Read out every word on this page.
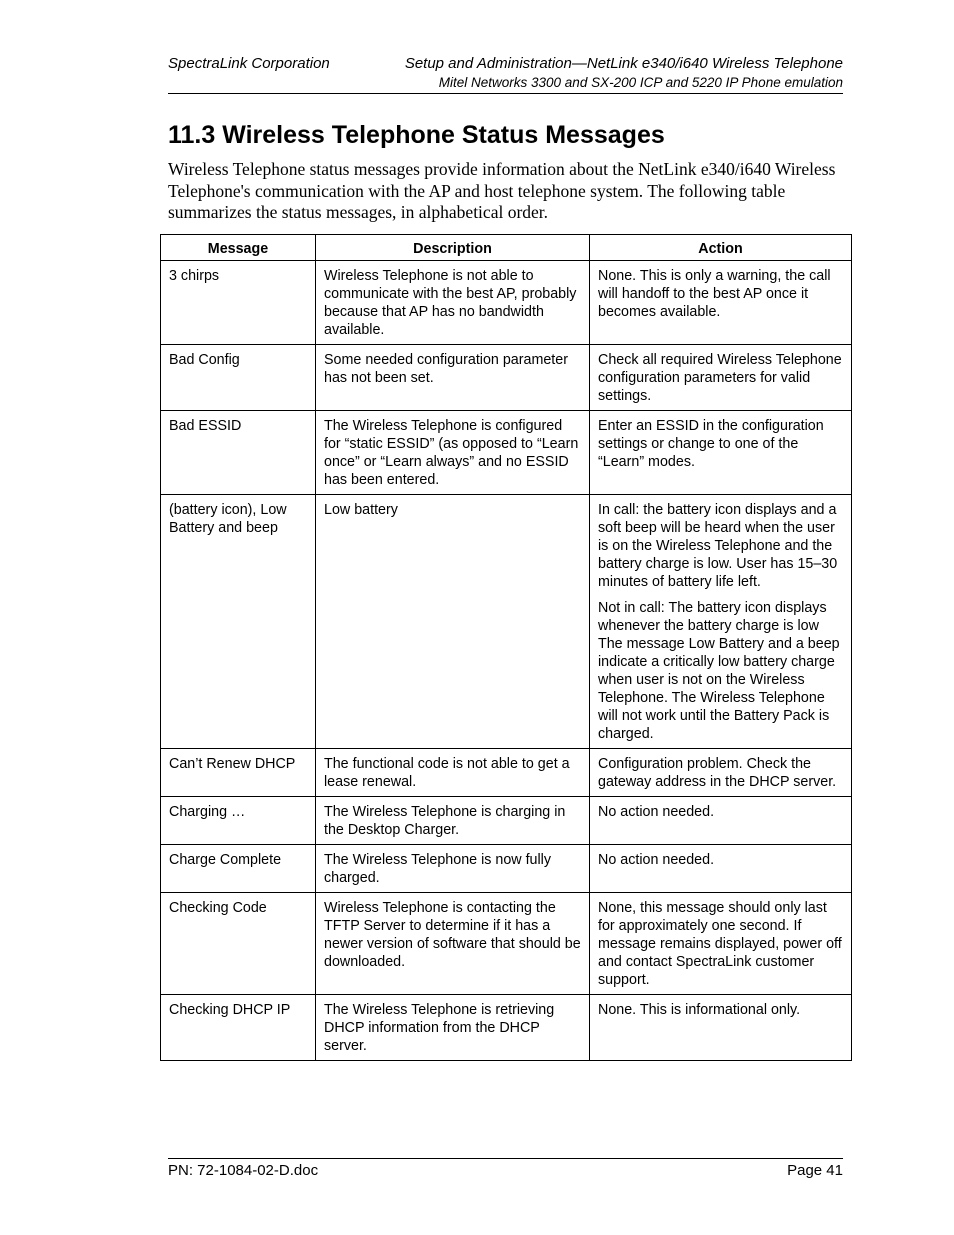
SpectraLink Corporation	Setup and Administration—NetLink e340/i640 Wireless Telephone
Mitel Networks 3300 and SX-200 ICP and 5220 IP Phone emulation
11.3 Wireless Telephone Status Messages

Wireless Telephone status messages provide information about the NetLink e340/i640 Wireless Telephone's communication with the AP and host telephone system. The following table summarizes the status messages, in alphabetical order.

Message	Description	Action
3 chirps	Wireless Telephone is not able to communicate with the best AP, probably because that AP has no bandwidth available.	None. This is only a warning, the call will handoff to the best AP once it becomes available.

Bad Config	Some needed configuration parameter has not been set.	Check all required Wireless Telephone configuration parameters for valid settings.

Bad ESSID	The Wireless Telephone is configured for “static ESSID” (as opposed to “Learn once” or “Learn always” and no ESSID has been entered.	Enter an ESSID in the configuration settings or change to one of the “Learn” modes.

(battery icon), Low Battery and beep	Low battery	In call: the battery icon displays and a soft beep will be heard when the user is on the Wireless Telephone and the battery charge is low. User has 15–30 minutes of battery life left.

Not in call: The battery icon displays whenever the battery charge is low The message Low Battery and a beep indicate a critically low battery charge when user is not on the Wireless Telephone. The Wireless Telephone will not work until the Battery Pack is charged.

Can’t Renew DHCP	The functional code is not able to get a lease renewal.	Configuration problem. Check the gateway address in the DHCP server.

Charging …	The Wireless Telephone is charging in the Desktop Charger.	No action needed.

Charge Complete	The Wireless Telephone is now fully charged.	No action needed.

Checking Code	Wireless Telephone is contacting the TFTP Server to determine if it has a newer version of software that should be downloaded.	None, this message should only last for approximately one second. If message remains displayed, power off and contact SpectraLink customer support.

Checking DHCP IP	The Wireless Telephone is retrieving DHCP information from the DHCP server.	None. This is informational only.

PN: 72-1084-02-D.doc	Page 41
